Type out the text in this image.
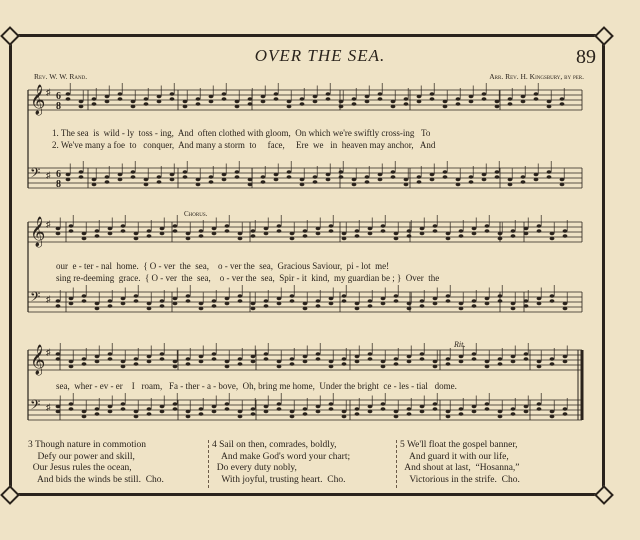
OVER THE SEA.	89
Rev. W. W. Rand.	Arr. Rev. H. Kingsbury, by per.
𝄞 ♯
𝄢 ♯
𝄞 ♯
𝄢 ♯
𝄞 ♯
𝄢 ♯
6
8
6
8
Chorus.
Rit.
1. The sea  is  wild - ly  toss - ing,  And  often clothed with gloom,  On which we're swiftly cross-ing   To
2. We've many a foe  to   conquer,  And many a storm  to     face,     Ere  we   in  heaven may anchor,   And
our  e - ter - nal  home.  { O - ver  the  sea,    o - ver the  sea,  Gracious Saviour,  pi - lot  me!
sing re-deeming  grace.  { O - ver  the  sea,    o - ver the  sea,  Spir - it  kind,  my guardian be ; }  Over  the
sea,  wher - ev - er    I   roam,   Fa - ther - a - bove,  Oh, bring me home,  Under the bright  ce - les - tial   dome.
3 Though nature in commotion
Defy our power and skill,
Our Jesus rules the ocean,
And bids the winds be still.  Cho.
4 Sail on then, comrades, boldly,
And make God's word your chart;
Do every duty nobly,
With joyful, trusting heart.  Cho.
5 We'll float the gospel banner,
And guard it with our life,
And shout at last,  “Hosanna,”
Victorious in the strife.  Cho.
